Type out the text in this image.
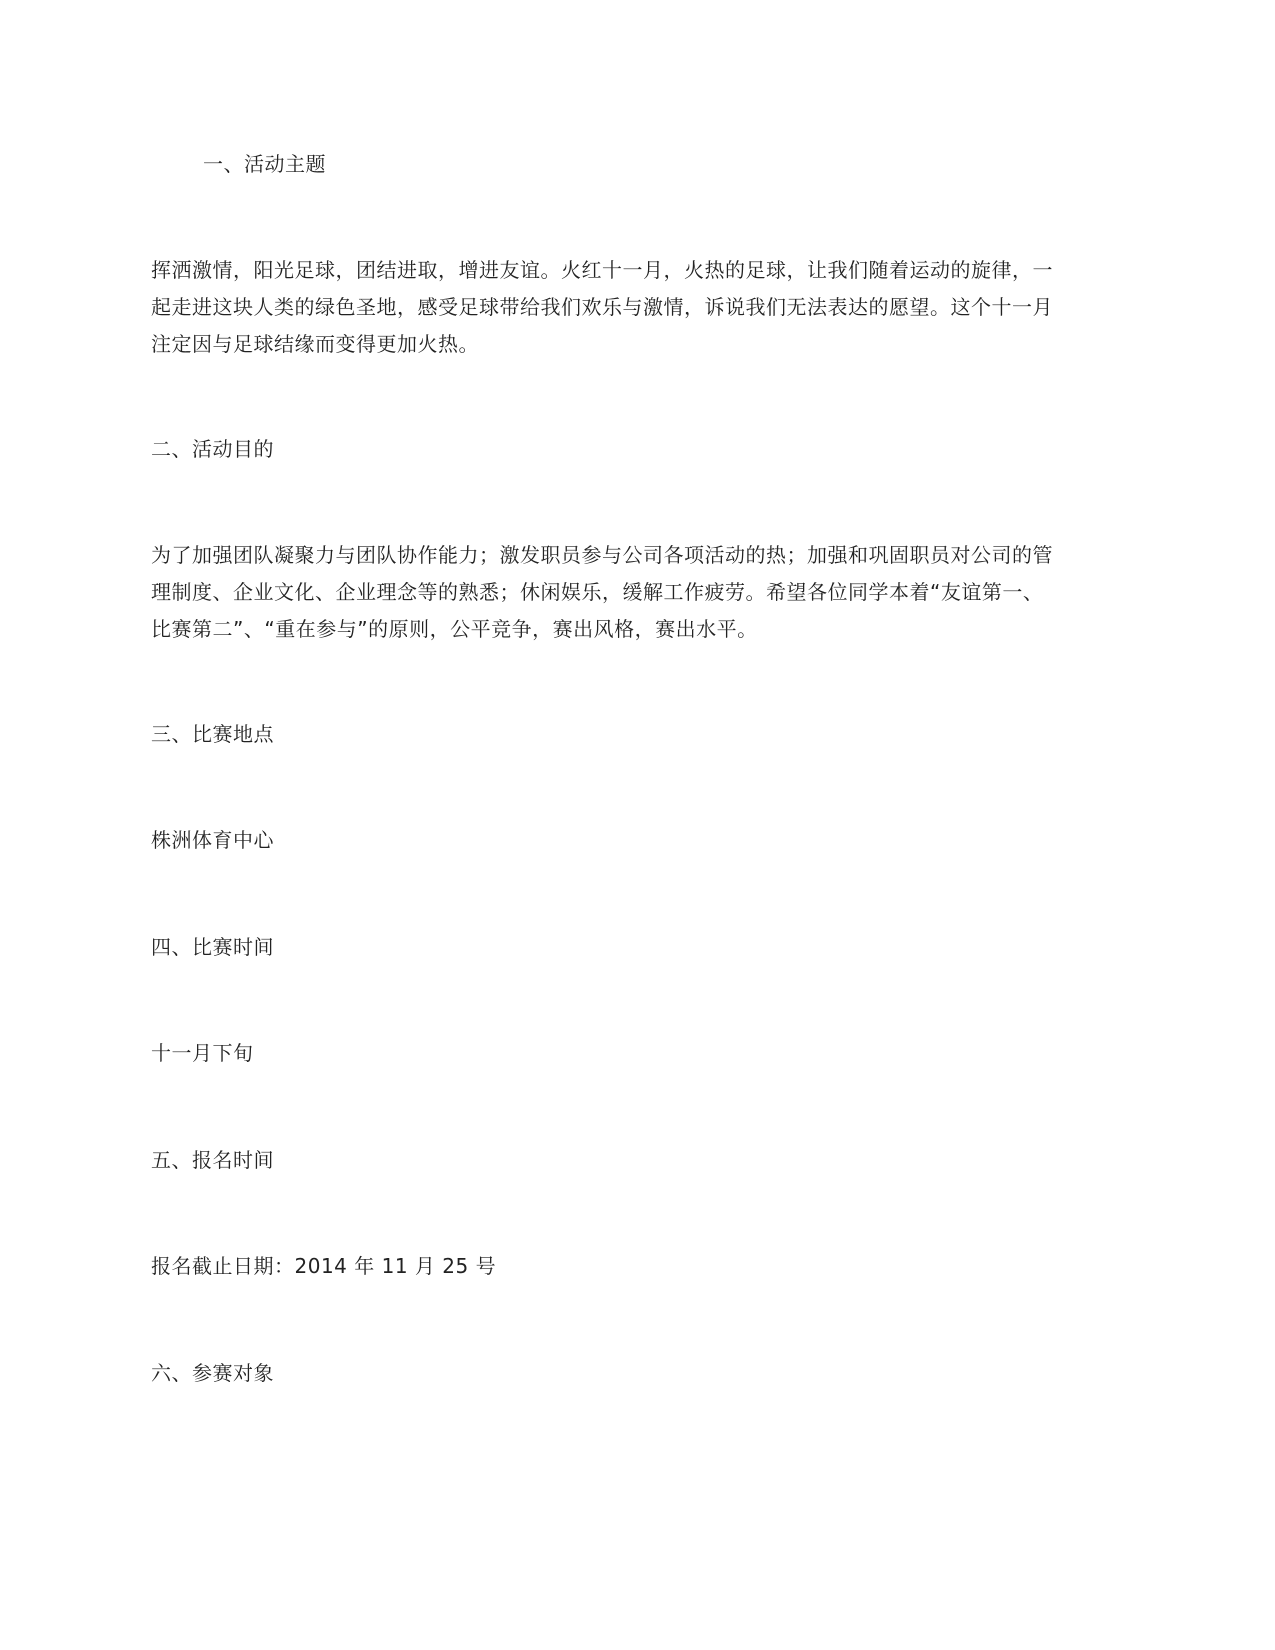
一、活动主题

挥洒激情，阳光足球，团结进取，增进友谊。火红十一月，火热的足球，让我们随着运动的旋律，一

起走进这块人类的绿色圣地，感受足球带给我们欢乐与激情，诉说我们无法表达的愿望。这个十一月

注定因与足球结缘而变得更加火热。

二、活动目的

为了加强团队凝聚力与团队协作能力；激发职员参与公司各项活动的热；加强和巩固职员对公司的管

理制度、企业文化、企业理念等的熟悉；休闲娱乐，缓解工作疲劳。希望各位同学本着“友谊第一、

比赛第二”、“重在参与”的原则，公平竞争，赛出风格，赛出水平。

三、比赛地点

株洲体育中心

四、比赛时间

十一月下旬

五、报名时间

报名截止日期：2014 年 11 月 25 号

六、参赛对象
